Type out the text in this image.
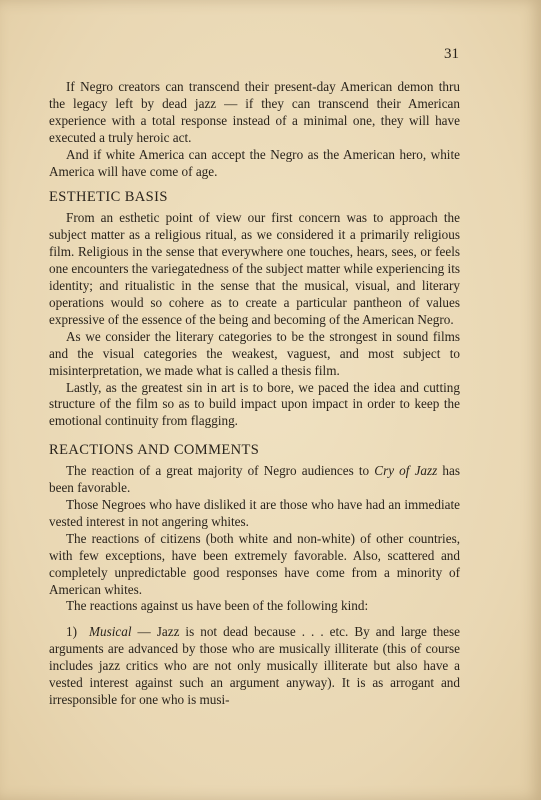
31

If Negro creators can transcend their present-day American demon thru the legacy left by dead jazz — if they can transcend their American experience with a total response instead of a minimal one, they will have executed a truly heroic act.

And if white America can accept the Negro as the American hero, white America will have come of age.

ESTHETIC BASIS

From an esthetic point of view our first concern was to approach the subject matter as a religious ritual, as we considered it a primarily religious film. Religious in the sense that everywhere one touches, hears, sees, or feels one encounters the variegatedness of the subject matter while experiencing its identity; and ritualistic in the sense that the musical, visual, and literary operations would so cohere as to create a particular pantheon of values expressive of the essence of the being and becoming of the American Negro.

As we consider the literary categories to be the strongest in sound films and the visual categories the weakest, vaguest, and most subject to misinterpretation, we made what is called a thesis film.

Lastly, as the greatest sin in art is to bore, we paced the idea and cutting structure of the film so as to build impact upon impact in order to keep the emotional continuity from flagging.

REACTIONS AND COMMENTS

The reaction of a great majority of Negro audiences to Cry of Jazz has been favorable.

Those Negroes who have disliked it are those who have had an immediate vested interest in not angering whites.

The reactions of citizens (both white and non-white) of other countries, with few exceptions, have been extremely favorable. Also, scattered and completely unpredictable good responses have come from a minority of American whites.

The reactions against us have been of the following kind:

1) Musical — Jazz is not dead because . . . etc. By and large these arguments are advanced by those who are musically illiterate (this of course includes jazz critics who are not only musically illiterate but also have a vested interest against such an argument anyway). It is as arrogant and irresponsible for one who is musi-
